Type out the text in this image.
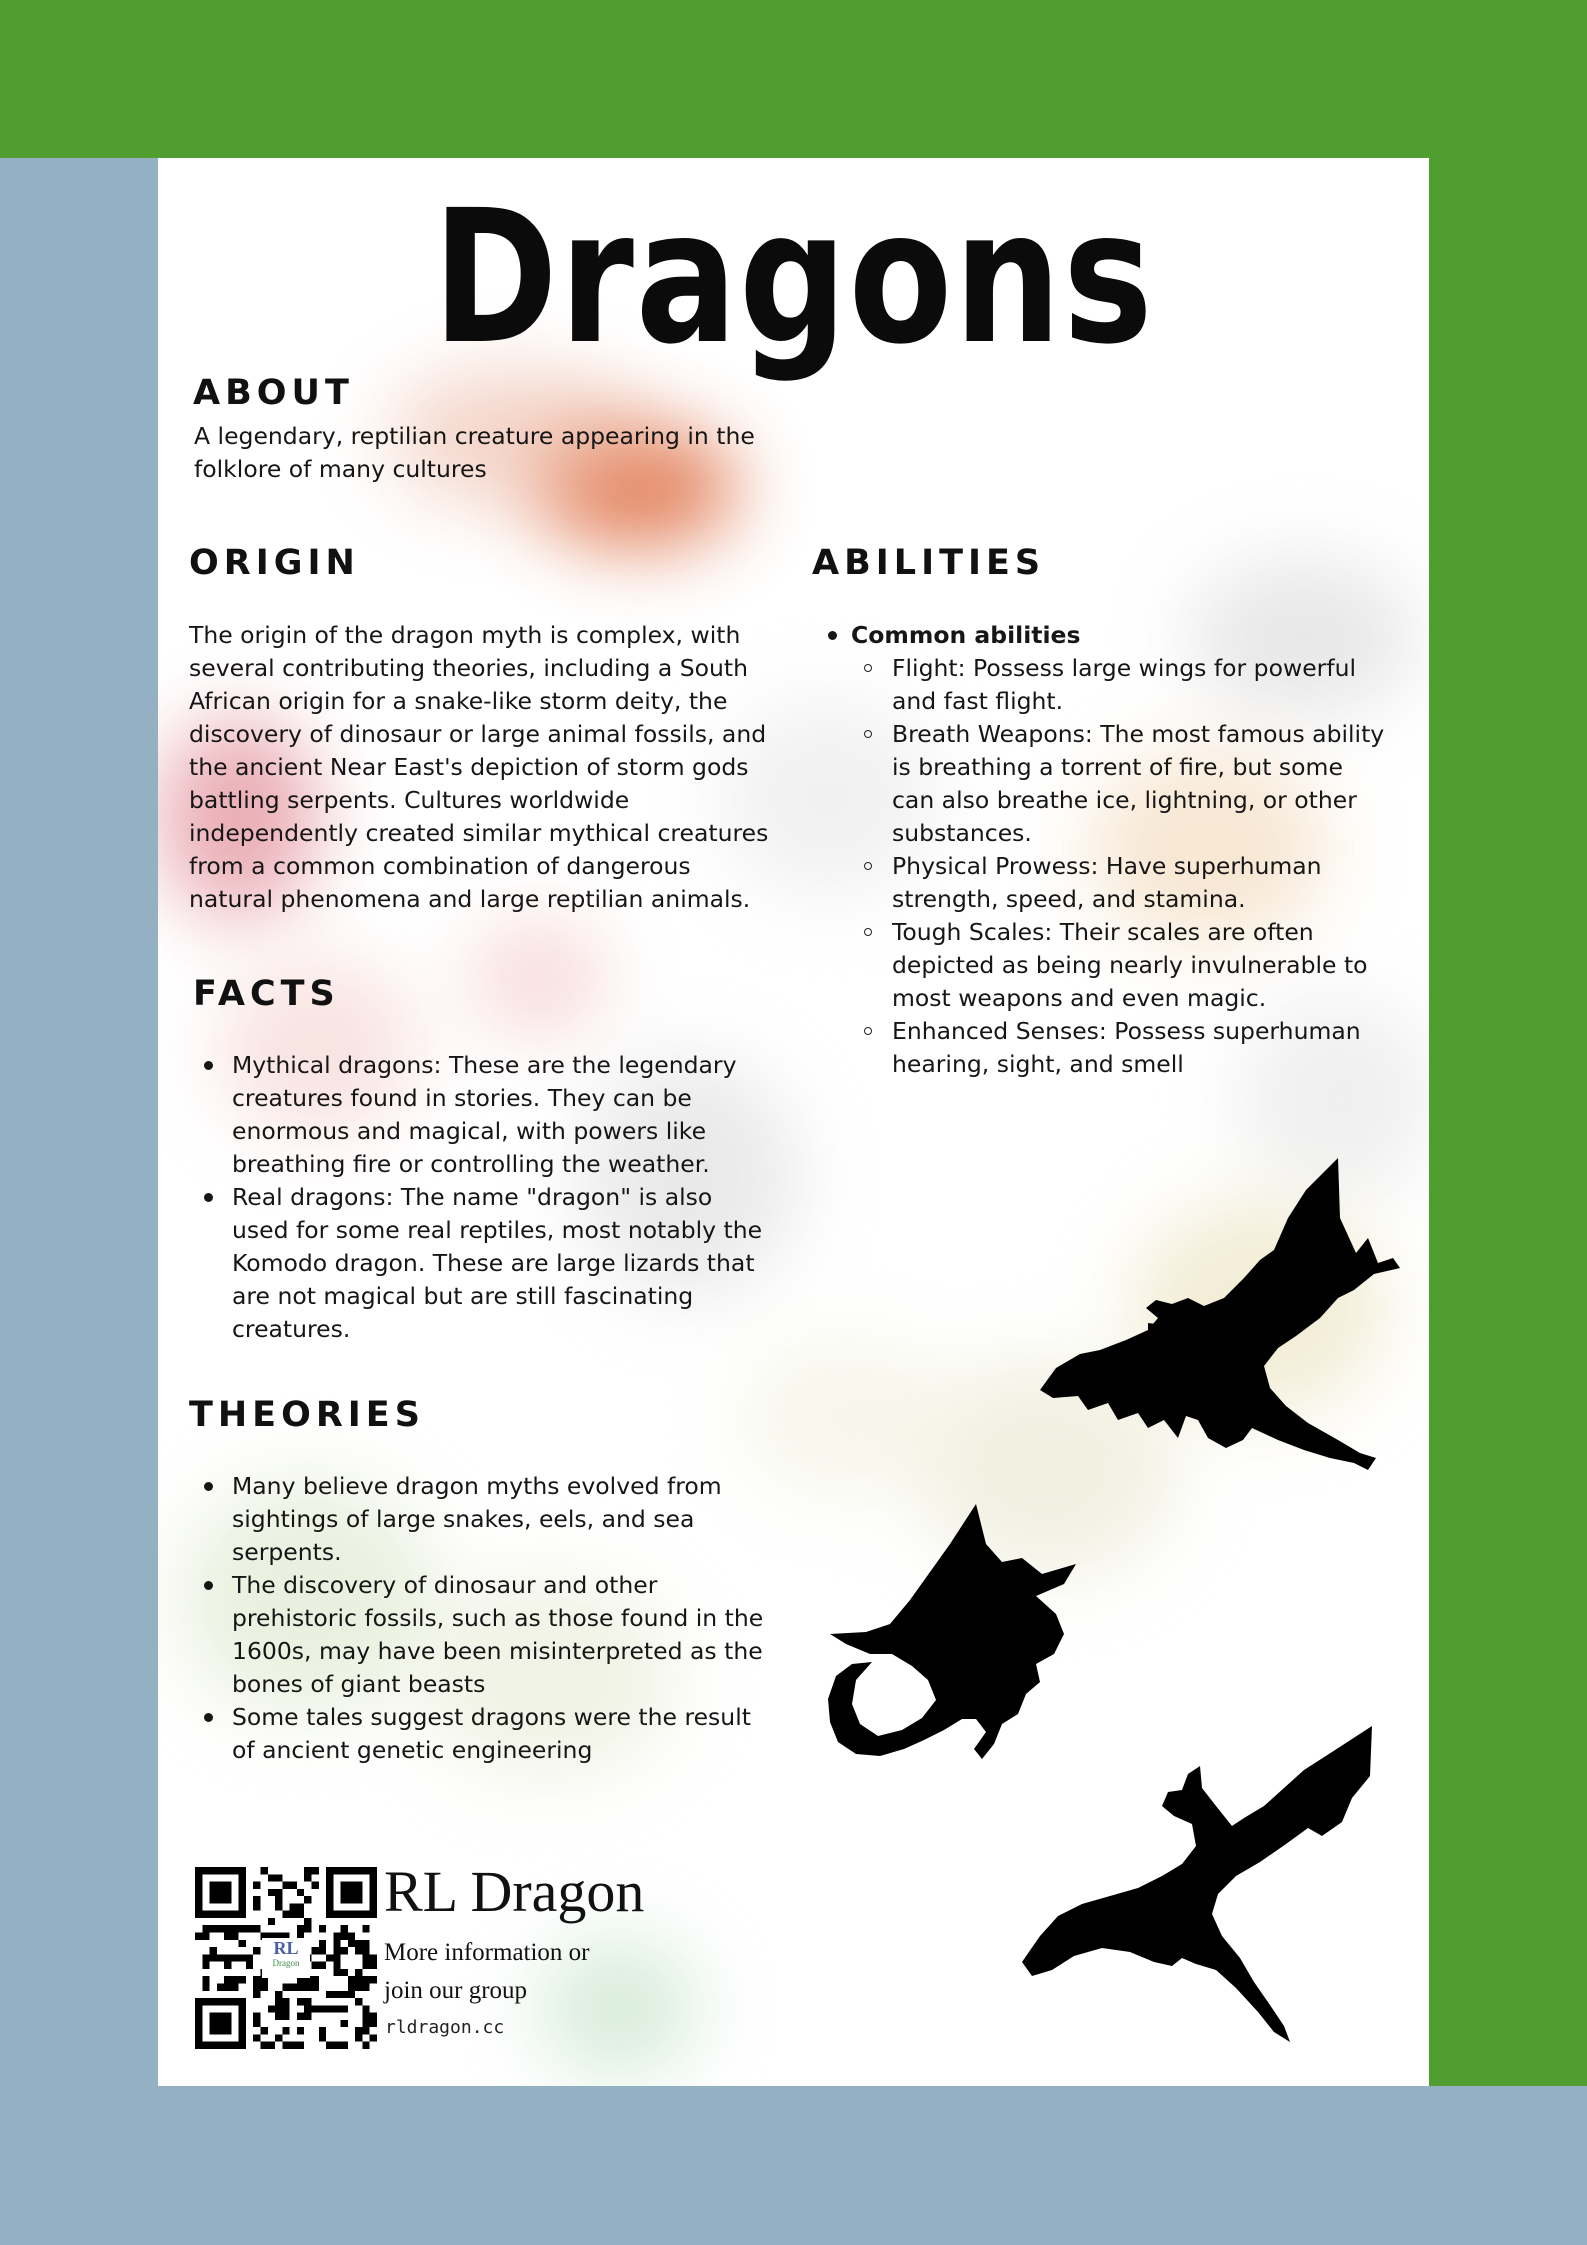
Dragons
ABOUT
A legendary, reptilian creature appearing in the
folklore of many cultures
ORIGIN
The origin of the dragon myth is complex, with
several contributing theories, including a South
African origin for a snake-like storm deity, the
discovery of dinosaur or large animal fossils, and
the ancient Near East's depiction of storm gods
battling serpents. Cultures worldwide
independently created similar mythical creatures
from a common combination of dangerous
natural phenomena and large reptilian animals.
FACTS
Mythical dragons: These are the legendary
creatures found in stories. They can be
enormous and magical, with powers like
breathing fire or controlling the weather.
Real dragons: The name "dragon" is also
used for some real reptiles, most notably the
Komodo dragon. These are large lizards that
are not magical but are still fascinating
creatures.
THEORIES
Many believe dragon myths evolved from
sightings of large snakes, eels, and sea
serpents.
The discovery of dinosaur and other
prehistoric fossils, such as those found in the
1600s, may have been misinterpreted as the
bones of giant beasts
Some tales suggest dragons were the result
of ancient genetic engineering
ABILITIES
Common abilities
Flight: Possess large wings for powerful
and fast flight.
Breath Weapons: The most famous ability
is breathing a torrent of fire, but some
can also breathe ice, lightning, or other
substances.
Physical Prowess: Have superhuman
strength, speed, and stamina.
Tough Scales: Their scales are often
depicted as being nearly invulnerable to
most weapons and even magic.
Enhanced Senses: Possess superhuman
hearing, sight, and smell
RL
Dragon
RL Dragon
More information or
join our group
rldragon.cc
